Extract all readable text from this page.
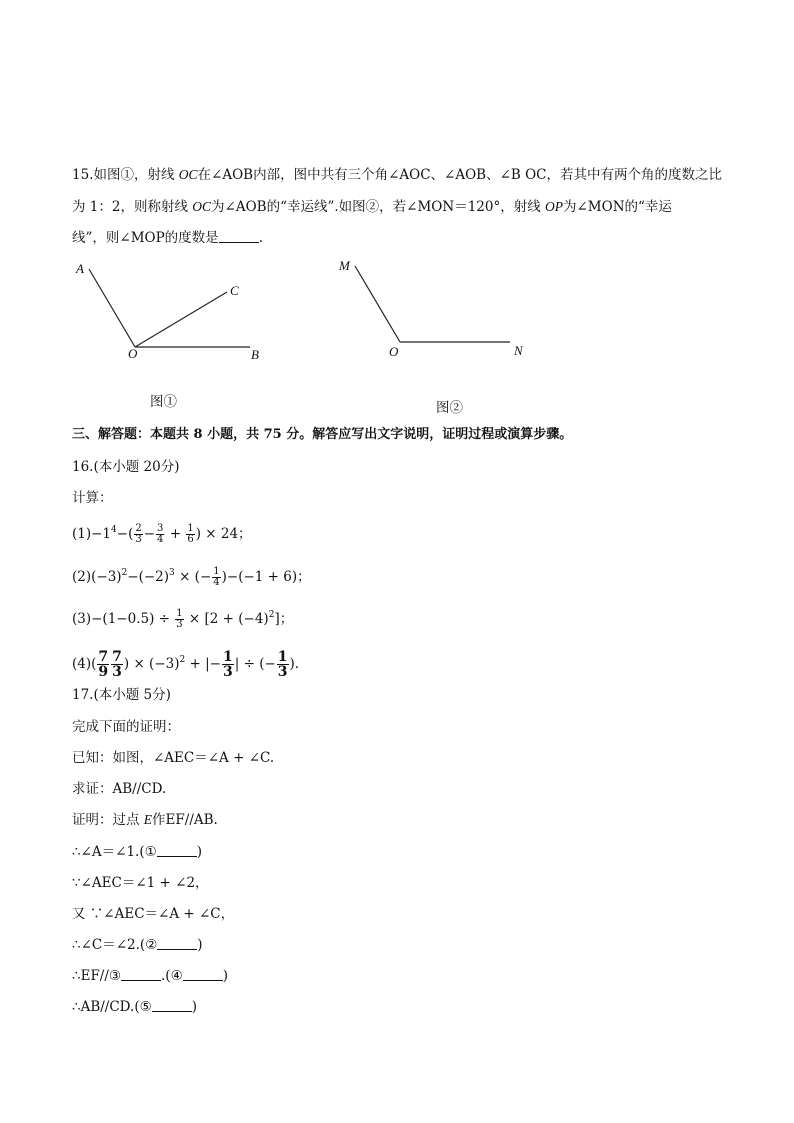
15.如图①，射线 OC在∠AOB内部，图中共有三个角∠AOC、∠AOB、∠B OC，若其中有两个角的度数之比
为 1：2，则称射线 OC为∠AOB的“幸运线”.如图②，若∠MON＝120°，射线 OP为∠MON的“幸运
线”，则∠MOP的度数是	.
A
C
O	B
图①
M
O	N
图②
三、解答题：本题共 8 小题，共 75 分。解答应写出文字说明，证明过程或演算步骤。
16.(本小题 20分)
计算：
$(1)-1^4-( \frac{2}{3} - \frac{3}{4} + \frac{1}{6}$ ) × 24；
$(2)(-3)^2-(-2)^3$ × (− $\frac{1}{4} )-(-1 + 6)$；
$(3)-(1-0.5) \div \frac{1}{3} \times [2 + (-4)^2]$；
$(4)( \frac{7}{9} \frac{7}{3}$ ) × $(-3)^2$ + |− $\frac{1}{3}$ | ÷ (− $\frac{1}{3}$ ).
17.(本小题 5分)
完成下面的证明：
已知：如图，∠AEC＝∠A + ∠C.
求证：AB//CD.
证明：过点 E作EF//AB.
∴∠A＝∠1.(①	)
∵∠AEC＝∠1 + ∠2，
又 ∵∠AEC＝∠A + ∠C，
∴∠C＝∠2.(②	)
∴EF//③	.(④	)
∴AB//CD.(⑤	)
